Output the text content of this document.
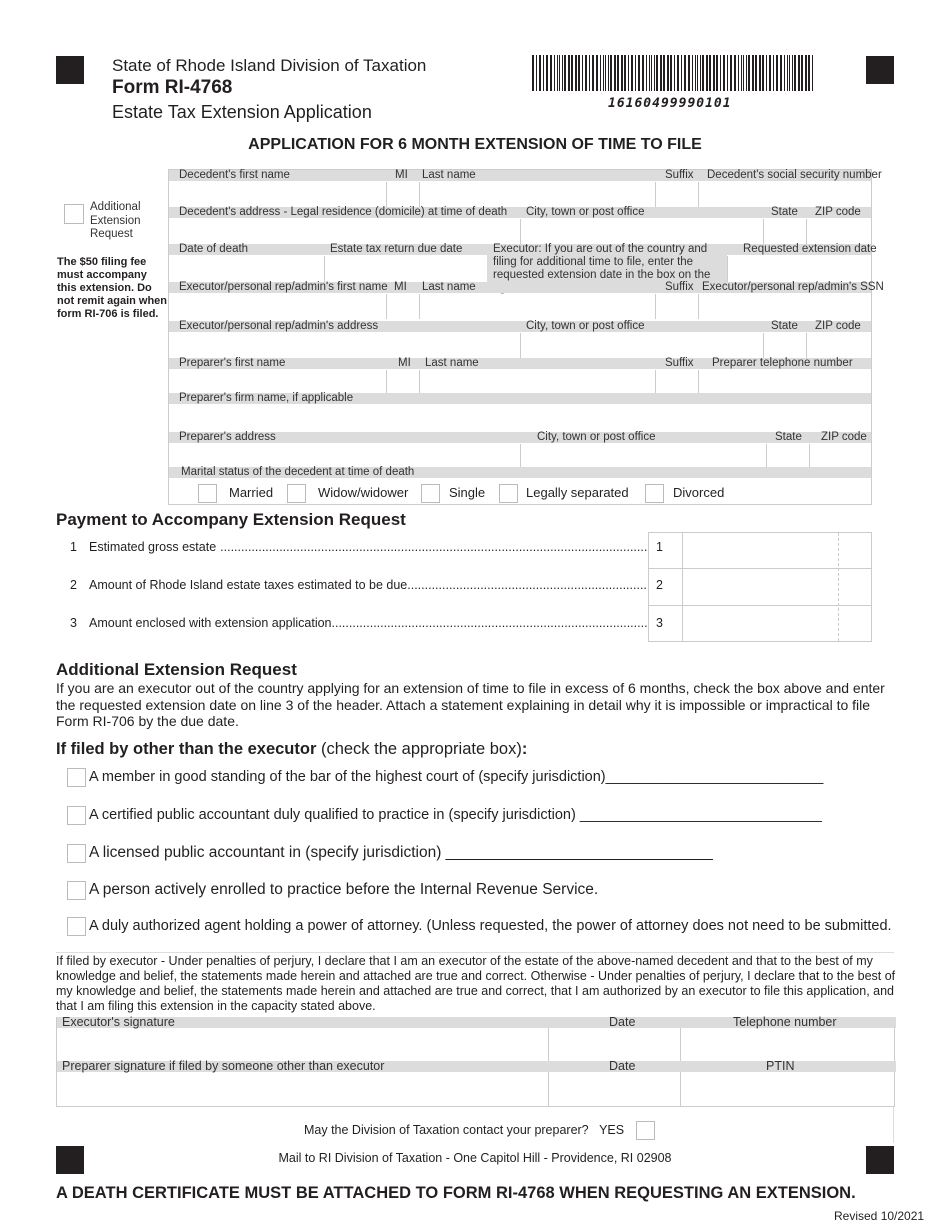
State of Rhode Island Division of Taxation
Form RI-4768
Estate Tax Extension Application	16160499990101
APPLICATION FOR 6 MONTH EXTENSION OF TIME TO FILE
Additional Extension Request
The $50 filing fee must accompany this extension. Do not remit again when form RI-706 is filed.
Decedent's first name	MI Last name	Suffix Decedent's social security number
Decedent's address - Legal residence (domicile) at time of death City, town or post office	State ZIP code
Date of death	Estate tax return due date	Executor: If you are out of the country and filing for additional time to file, enter the requested extension date in the box on the
Requested extension date
Executor/personal rep/admin's first name MI Last name	Suffix Executor/personal rep/admin's SSN
Executor/personal rep/admin's address	City, town or post office	State ZIP code
Preparer's first name	MI Last name	Suffix Preparer telephone number
Preparer's firm name, if applicable
Preparer's address	City, town or post office	State ZIP code
Marital status of the decedent at time of death
Married	Widow/widower	Single	Legally separated	Divorced
Payment to Accompany Extension Request
1 Estimated gross estate ........................................................................................................................... 1
2 Amount of Rhode Island estate taxes estimated to be due..................................................................... 2
3 Amount enclosed with extension application........................................................................................... 3
Additional Extension Request
If you are an executor out of the country applying for an extension of time to file in excess of 6 months, check the box above and enter the requested extension date on line 3 of the header. Attach a statement explaining in detail why it is impossible or impractical to file Form RI-706 by the due date.
If filed by other than the executor (check the appropriate box):
A member in good standing of the bar of the highest court of (specify jurisdiction)___________________________
A certified public accountant duly qualified to practice in (specify jurisdiction) ______________________________
A licensed public accountant in (specify jurisdiction) _______________________________
A person actively enrolled to practice before the Internal Revenue Service.
A duly authorized agent holding a power of attorney. (Unless requested, the power of attorney does not need to be submitted.
If filed by executor - Under penalties of perjury, I declare that I am an executor of the estate of the above-named decedent and that to the best of my knowledge and belief, the statements made herein and attached are true and correct. Otherwise - Under penalties of perjury, I declare that to the best of my knowledge and belief, the statements made herein and attached are true and correct, that I am authorized by an executor to file this application, and that I am filing this extension in the capacity stated above.
Executor's signature	Date	Telephone number
Preparer signature if filed by someone other than executor	Date	PTIN
May the Division of Taxation contact your preparer? YES
Mail to RI Division of Taxation - One Capitol Hill - Providence, RI 02908
A DEATH CERTIFICATE MUST BE ATTACHED TO FORM RI-4768 WHEN REQUESTING AN EXTENSION.
Revised 10/2021
